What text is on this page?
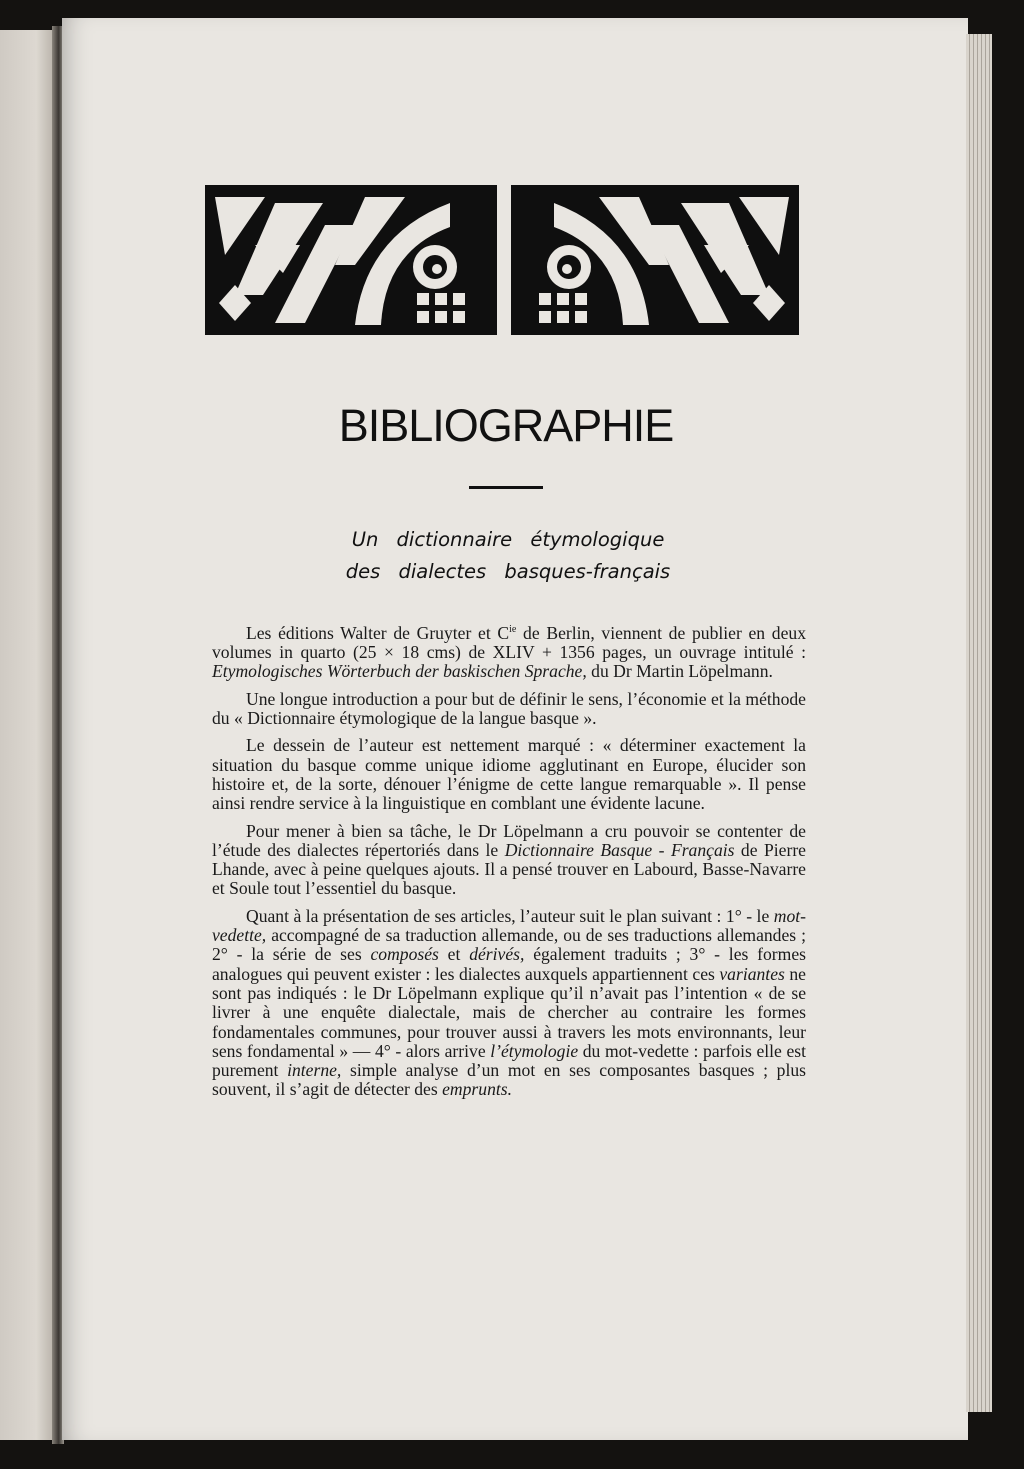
BIBLIOGRAPHIE
Un dictionnaire étymologique
des dialectes basques-français

Les éditions Walter de Gruyter et $C^{ie}$ de Berlin, viennent de publier en deux volumes in quarto (25 × 18 cms) de XLIV + 1356 pages, un ouvrage intitulé : Etymologisches Wörterbuch der baskischen Sprache, du Dr Martin Löpelmann.

Une longue introduction a pour but de définir le sens, l’économie et la méthode du « Dictionnaire étymologique de la langue basque ».

Le dessein de l’auteur est nettement marqué : « déterminer exactement la situation du basque comme unique idiome agglutinant en Europe, élucider son histoire et, de la sorte, dénouer l’énigme de cette langue remarquable ». Il pense ainsi rendre service à la linguistique en comblant une évidente lacune.

Pour mener à bien sa tâche, le Dr Löpelmann a cru pouvoir se contenter de l’étude des dialectes répertoriés dans le Dictionnaire Basque - Français de Pierre Lhande, avec à peine quelques ajouts. Il a pensé trouver en Labourd, Basse-Navarre et Soule tout l’essentiel du basque.

Quant à la présentation de ses articles, l’auteur suit le plan suivant : 1° - le mot-vedette, accompagné de sa traduction allemande, ou de ses traductions allemandes ; 2° - la série de ses composés et dérivés, également traduits ; 3° - les formes analogues qui peuvent exister : les dialectes auxquels appartiennent ces variantes ne sont pas indiqués : le Dr Löpelmann explique qu’il n’avait pas l’intention « de se livrer à une enquête dialectale, mais de chercher au contraire les formes fondamentales communes, pour trouver aussi à travers les mots environnants, leur sens fondamental » — 4° - alors arrive l’étymologie du mot-vedette : parfois elle est purement interne, simple analyse d’un mot en ses composantes basques ; plus souvent, il s’agit de détecter des emprunts.
